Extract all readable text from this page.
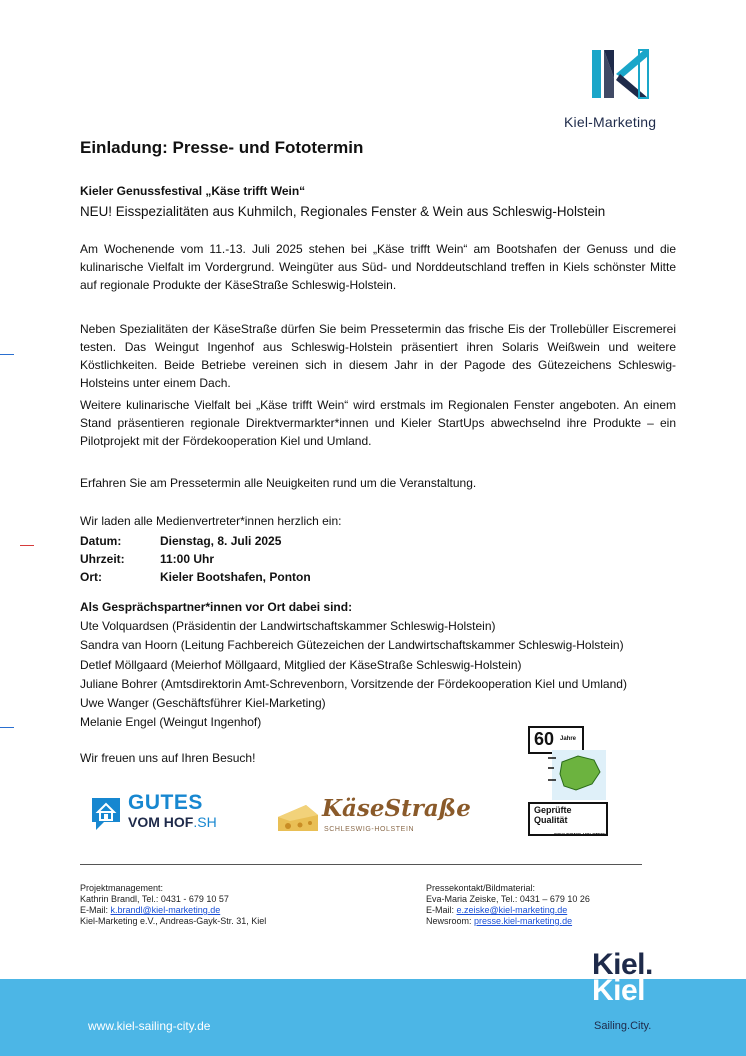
Kiel-Marketing
Einladung: Presse- und Fototermin
Kieler Genussfestival „Käse trifft Wein“
NEU! Eisspezialitäten aus Kuhmilch, Regionales Fenster & Wein aus Schleswig-Holstein

Am Wochenende vom 11.-13. Juli 2025 stehen bei „Käse trifft Wein“ am Bootshafen der Genuss und die kulinarische Vielfalt im Vordergrund. Weingüter aus Süd- und Norddeutschland treffen in Kiels schönster Mitte auf regionale Produkte der KäseStraße Schleswig-Holstein.

Neben Spezialitäten der KäseStraße dürfen Sie beim Pressetermin das frische Eis der Trollebüller Eiscremerei testen. Das Weingut Ingenhof aus Schleswig-Holstein präsentiert ihren Solaris Weißwein und weitere Köstlichkeiten. Beide Betriebe vereinen sich in diesem Jahr in der Pagode des Gütezeichens Schleswig-Holsteins unter einem Dach.

Weitere kulinarische Vielfalt bei „Käse trifft Wein“ wird erstmals im Regionalen Fenster angeboten. An einem Stand präsentieren regionale Direktvermarkter*innen und Kieler StartUps abwechselnd ihre Produkte – ein Pilotprojekt mit der Fördekooperation Kiel und Umland.

Erfahren Sie am Pressetermin alle Neuigkeiten rund um die Veranstaltung.

Wir laden alle Medienvertreter*innen herzlich ein:
Datum:	Dienstag, 8. Juli 2025
Uhrzeit:	11:00 Uhr
Ort:	Kieler Bootshafen, Ponton
Als Gesprächspartner*innen vor Ort dabei sind:
Ute Volquardsen (Präsidentin der Landwirtschaftskammer Schleswig-Holstein)
Sandra van Hoorn (Leitung Fachbereich Gütezeichen der Landwirtschaftskammer Schleswig-Holstein)
Detlef Möllgaard (Meierhof Möllgaard, Mitglied der KäseStraße Schleswig-Holstein)
Juliane Bohrer (Amtsdirektorin Amt-Schrevenborn, Vorsitzende der Fördekooperation Kiel und Umland)
Uwe Wanger (Geschäftsführer Kiel-Marketing)
Melanie Engel (Weingut Ingenhof)
Wir freuen uns auf Ihren Besuch!
GUTES
VOM HOF.SH	KäseStraße
SCHLESWIG-HOLSTEIN
60 Jahre
Geprüfte
Qualität
SCHLESWIG-HOLSTEIN
Projektmanagement:
Kathrin Brandl, Tel.: 0431 - 679 10 57
E-Mail: k.brandl@kiel-marketing.de
Kiel-Marketing e.V., Andreas-Gayk-Str. 31, Kiel
Pressekontakt/Bildmaterial:
Eva-Maria Zeiske, Tel.: 0431 – 679 10 26
E-Mail: e.zeiske@kiel-marketing.de
Newsroom: presse.kiel-marketing.de
Kiel.
Kiel
Sailing.City.
www.kiel-sailing-city.de
